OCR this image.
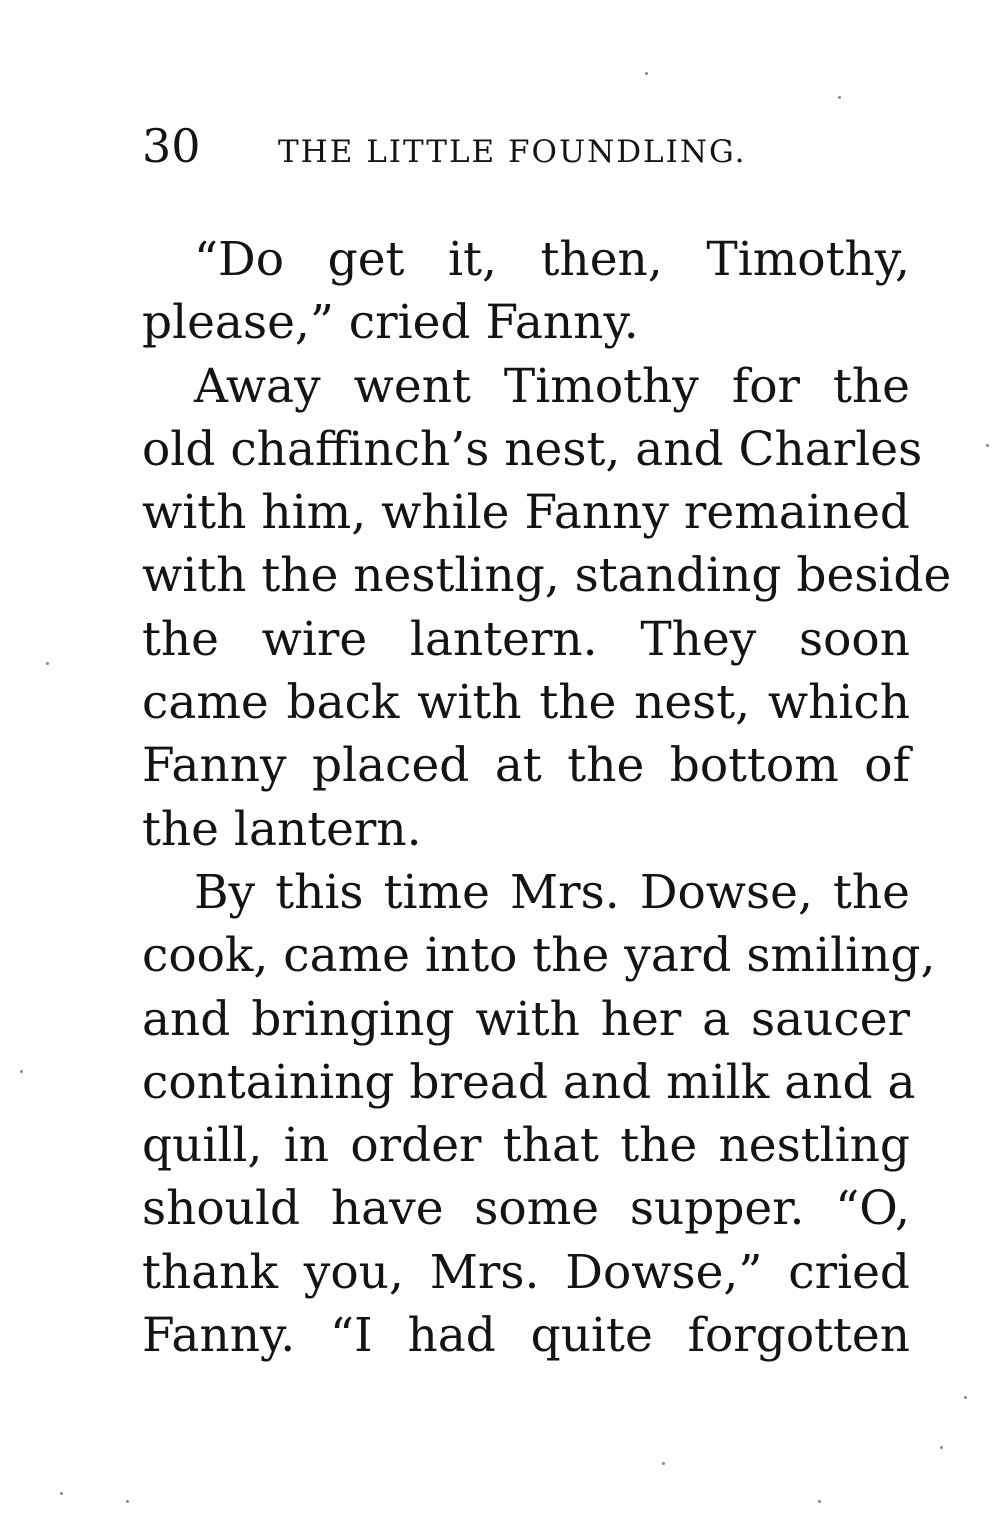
30 THE LITTLE FOUNDLING.
“Do get it, then, Timothy,
please,” cried Fanny.
Away went Timothy for the
old chaffinch’s nest, and Charles
with him, while Fanny remained
with the nestling, standing beside
the wire lantern. They soon
came back with the nest, which
Fanny placed at the bottom of
the lantern.
By this time Mrs. Dowse, the
cook, came into the yard smiling,
and bringing with her a saucer
containing bread and milk and a
quill, in order that the nestling
should have some supper. “O,
thank you, Mrs. Dowse,” cried
Fanny. “I had quite forgotten
